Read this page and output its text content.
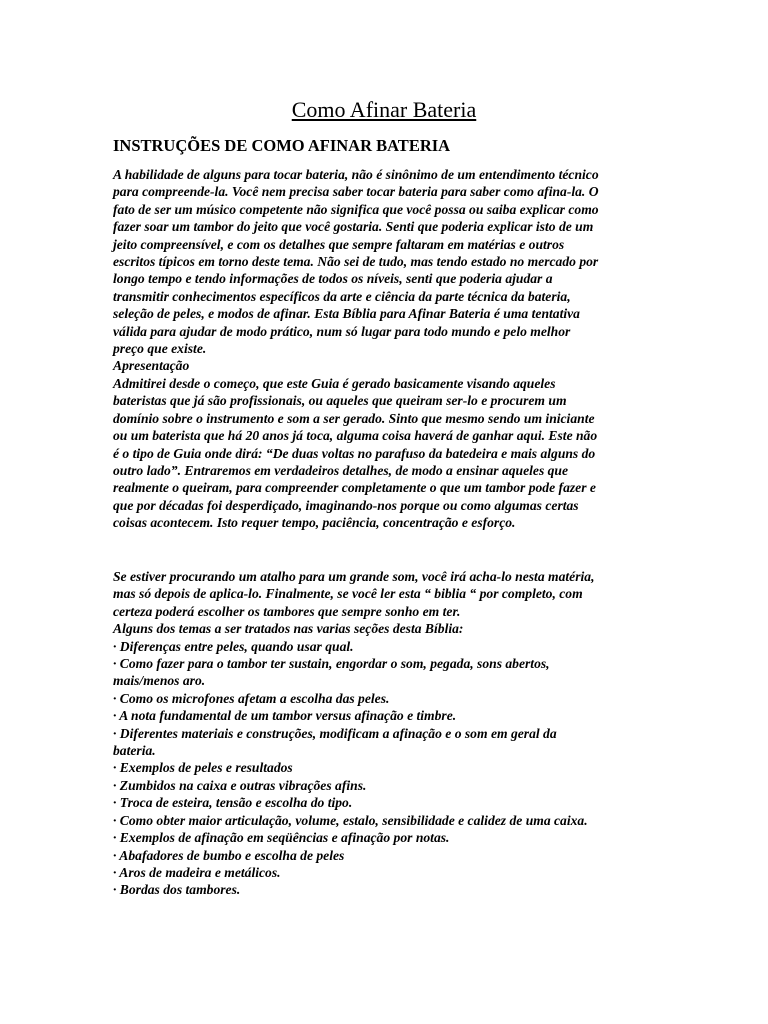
Como Afinar Bateria
INSTRUÇÕES DE COMO AFINAR BATERIA
A habilidade de alguns para tocar bateria, não é sinônimo de um entendimento técnico
para compreende-la. Você nem precisa saber tocar bateria para saber como afina-la. O
fato de ser um músico competente não significa que você possa ou saiba explicar como
fazer soar um tambor do jeito que você gostaria. Senti que poderia explicar isto de um
jeito compreensível, e com os detalhes que sempre faltaram em matérias e outros
escritos típicos em torno deste tema. Não sei de tudo, mas tendo estado no mercado por
longo tempo e tendo informações de todos os níveis, senti que poderia ajudar a
transmitir conhecimentos específicos da arte e ciência da parte técnica da bateria,
seleção de peles, e modos de afinar. Esta Bíblia para Afinar Bateria é uma tentativa
válida para ajudar de modo prático, num só lugar para todo mundo e pelo melhor
preço que existe.
Apresentação
Admitirei desde o começo, que este Guia é gerado basicamente visando aqueles
bateristas que já são profissionais, ou aqueles que queiram ser-lo e procurem um
domínio sobre o instrumento e som a ser gerado. Sinto que mesmo sendo um iniciante
ou um baterista que há 20 anos já toca, alguma coisa haverá de ganhar aqui. Este não
é o tipo de Guia onde dirá: “De duas voltas no parafuso da batedeira e mais alguns do
outro lado”. Entraremos em verdadeiros detalhes, de modo a ensinar aqueles que
realmente o queiram, para compreender completamente o que um tambor pode fazer e
que por décadas foi desperdiçado, imaginando-nos porque ou como algumas certas
coisas acontecem. Isto requer tempo, paciência, concentração e esforço.
Se estiver procurando um atalho para um grande som, você irá acha-lo nesta matéria,
mas só depois de aplica-lo. Finalmente, se você ler esta “ biblia “ por completo, com
certeza poderá escolher os tambores que sempre sonho em ter.
Alguns dos temas a ser tratados nas varias seções desta Bíblia:
· Diferenças entre peles, quando usar qual.
· Como fazer para o tambor ter sustain, engordar o som, pegada, sons abertos,
mais/menos aro.
· Como os microfones afetam a escolha das peles.
· A nota fundamental de um tambor versus afinação e timbre.
· Diferentes materiais e construções, modificam a afinação e o som em geral da
bateria.
· Exemplos de peles e resultados
· Zumbidos na caixa e outras vibrações afins.
· Troca de esteira, tensão e escolha do tipo.
· Como obter maior articulação, volume, estalo, sensibilidade e calidez de uma caixa.
· Exemplos de afinação em seqüências e afinação por notas.
· Abafadores de bumbo e escolha de peles
· Aros de madeira e metálicos.
· Bordas dos tambores.
